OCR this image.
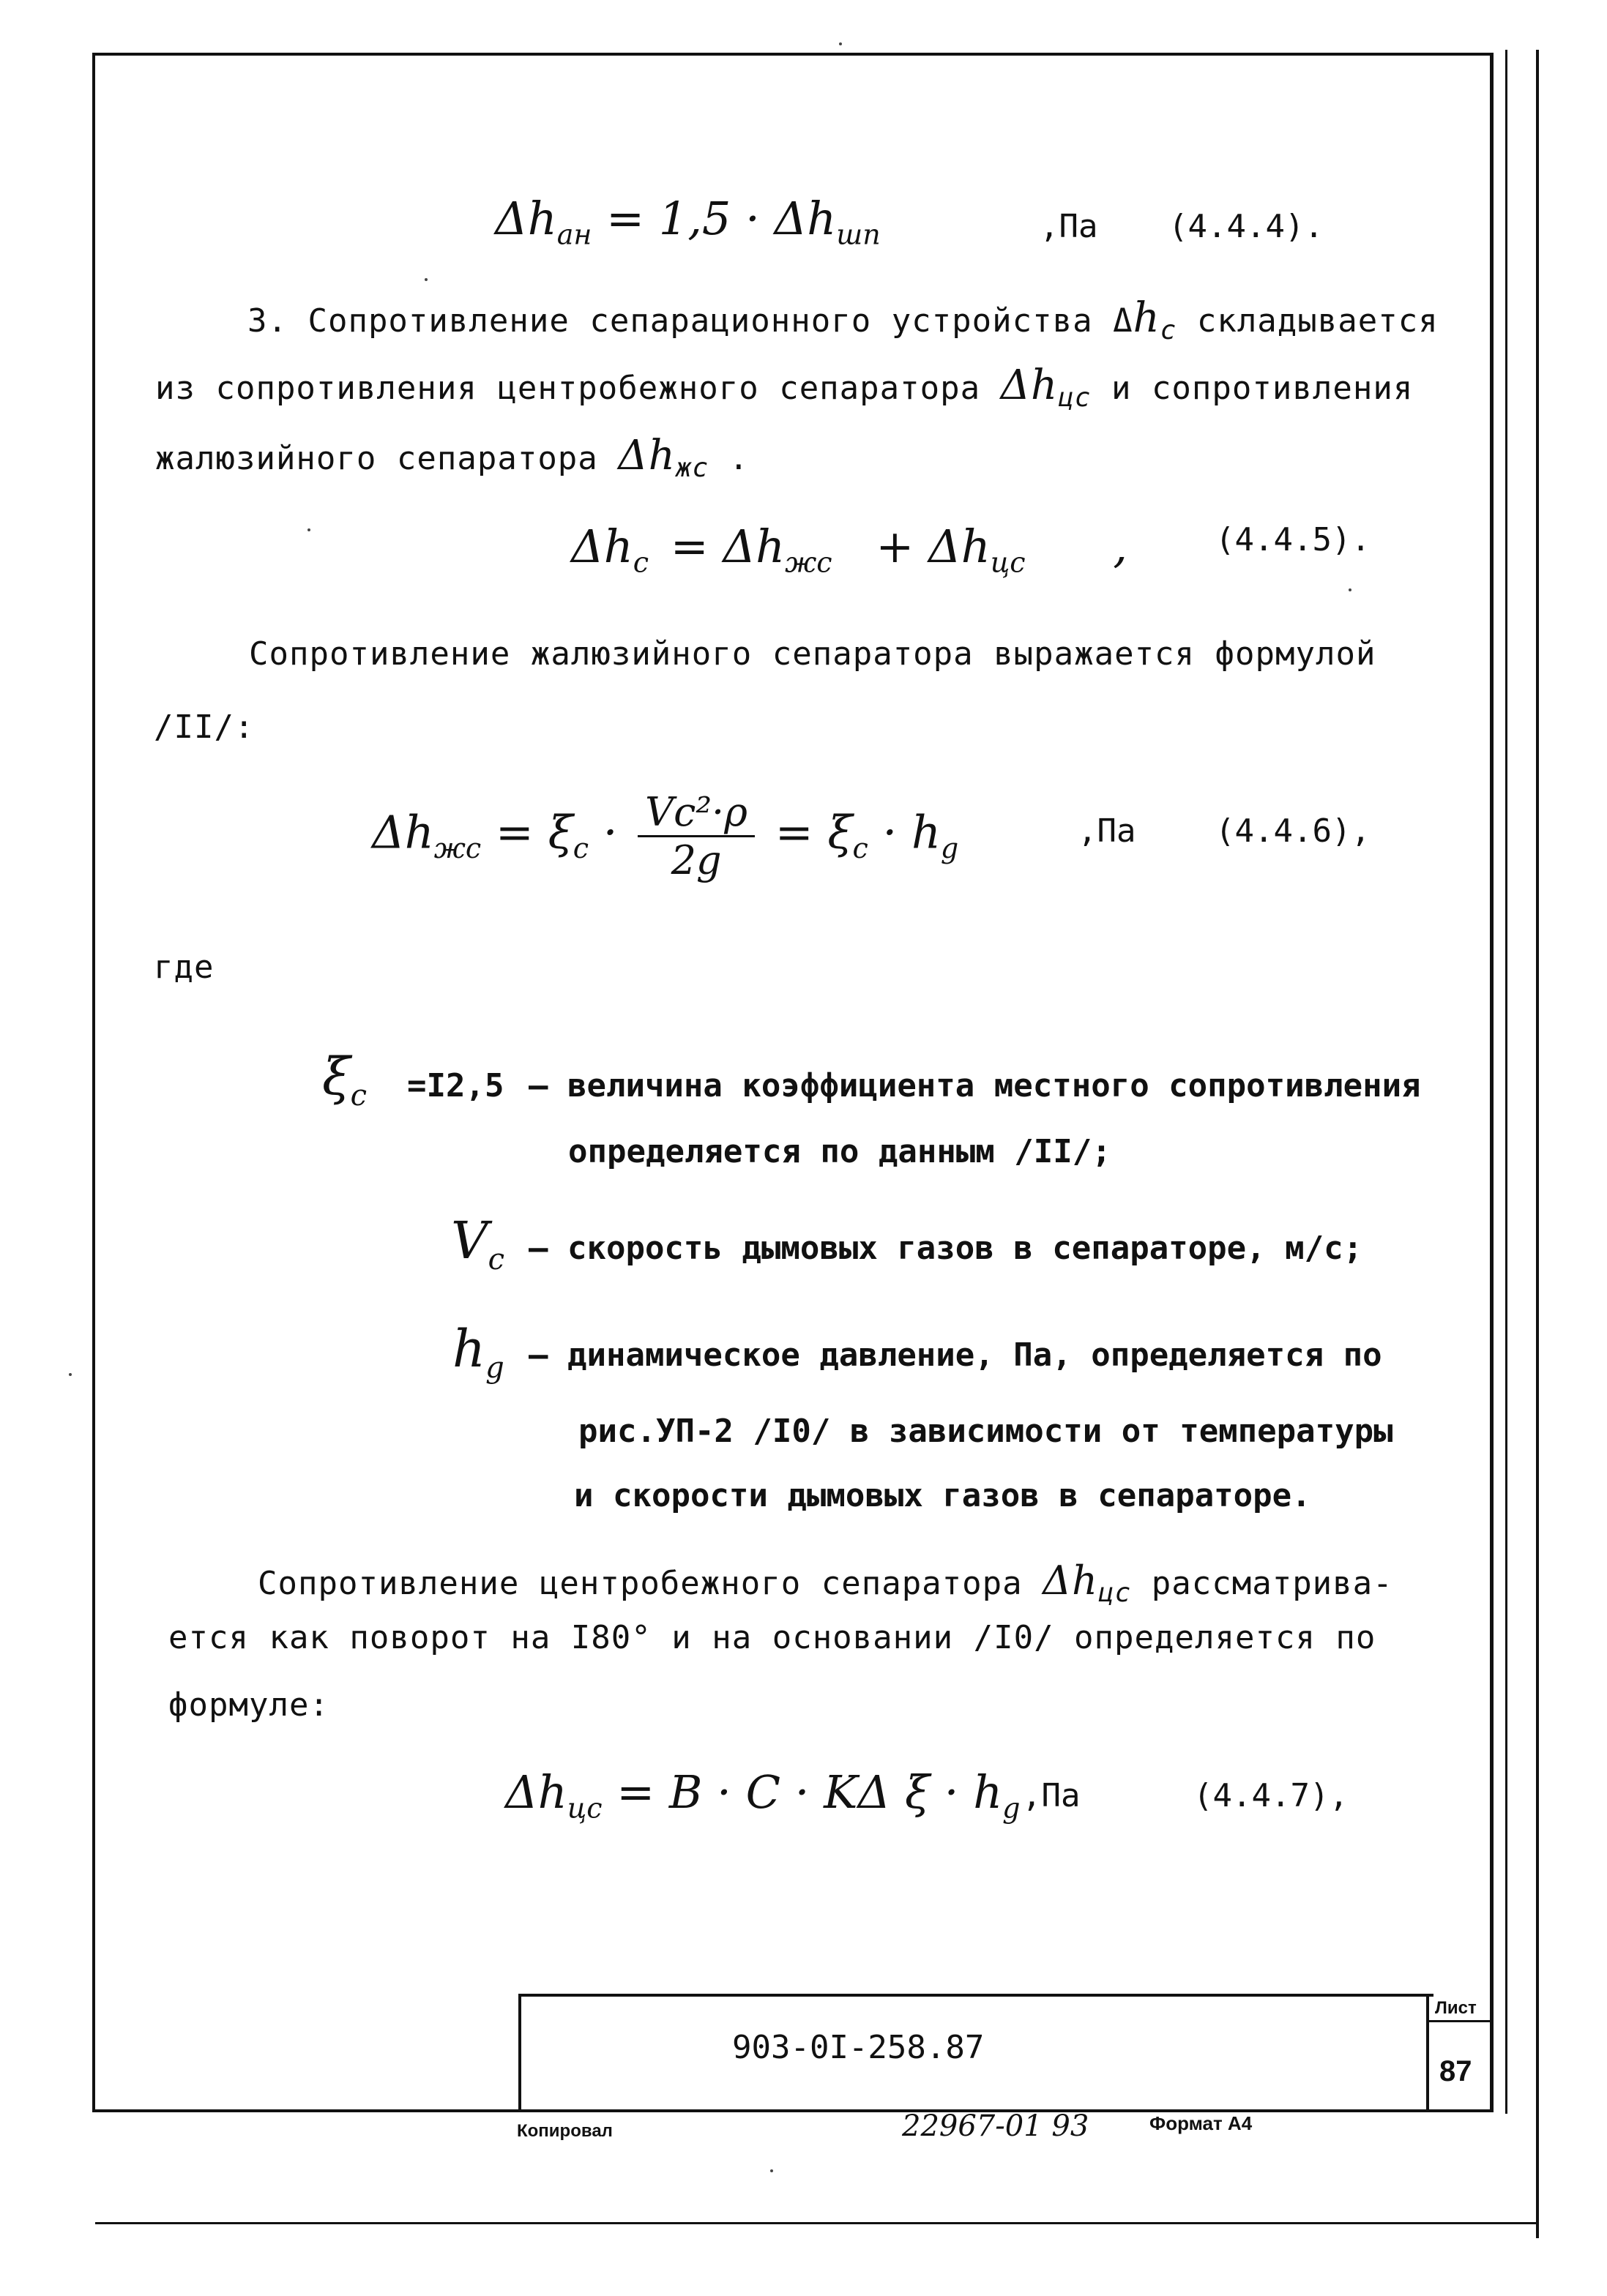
$\Delta h_{ан} = 1,5 \cdot \Delta h_{шп}$	,Па (4.4.4).
3. Сопротивление сепарационного устройства $\Delta h_c$ складывается
из сопротивления центробежного сепаратора $\Delta h_{цс}$ и сопротивления
жалюзийного сепаратора $\Delta h_{жс}$ .
$\Delta h_c = \Delta h_{жс} + \Delta h_{цс}$ ,	(4.4.5).
Сопротивление жалюзийного сепаратора выражается формулой
/II/:
$\Delta h_{жс} = \xi_c \cdot \frac{\text{Vc²·ρ}}{2g} = \xi_c \cdot h_g$	,Па (4.4.6),
где
$\xi_c =I2,5$ – величина коэффициента местного сопротивления
определяется по данным /II/;
$V_c$ – скорость дымовых газов в сепараторе, м/с;
$h_g$ – динамическое давление, Па, определяется по
рис.УП-2 /I0/ в зависимости от температуры
и скорости дымовых газов в сепараторе.
Сопротивление центробежного сепаратора $\Delta h_{цс}$ рассматрива-
ется как поворот на I80° и на основании /I0/ определяется по
формуле:
$\Delta h_{цс} = B \cdot C \cdot K\Delta$ $\xi \cdot h_g$ ,Па	(4.4.7),
903-0I-258.87
Лист
87
Копировал	22967-01 93	Формат А4
